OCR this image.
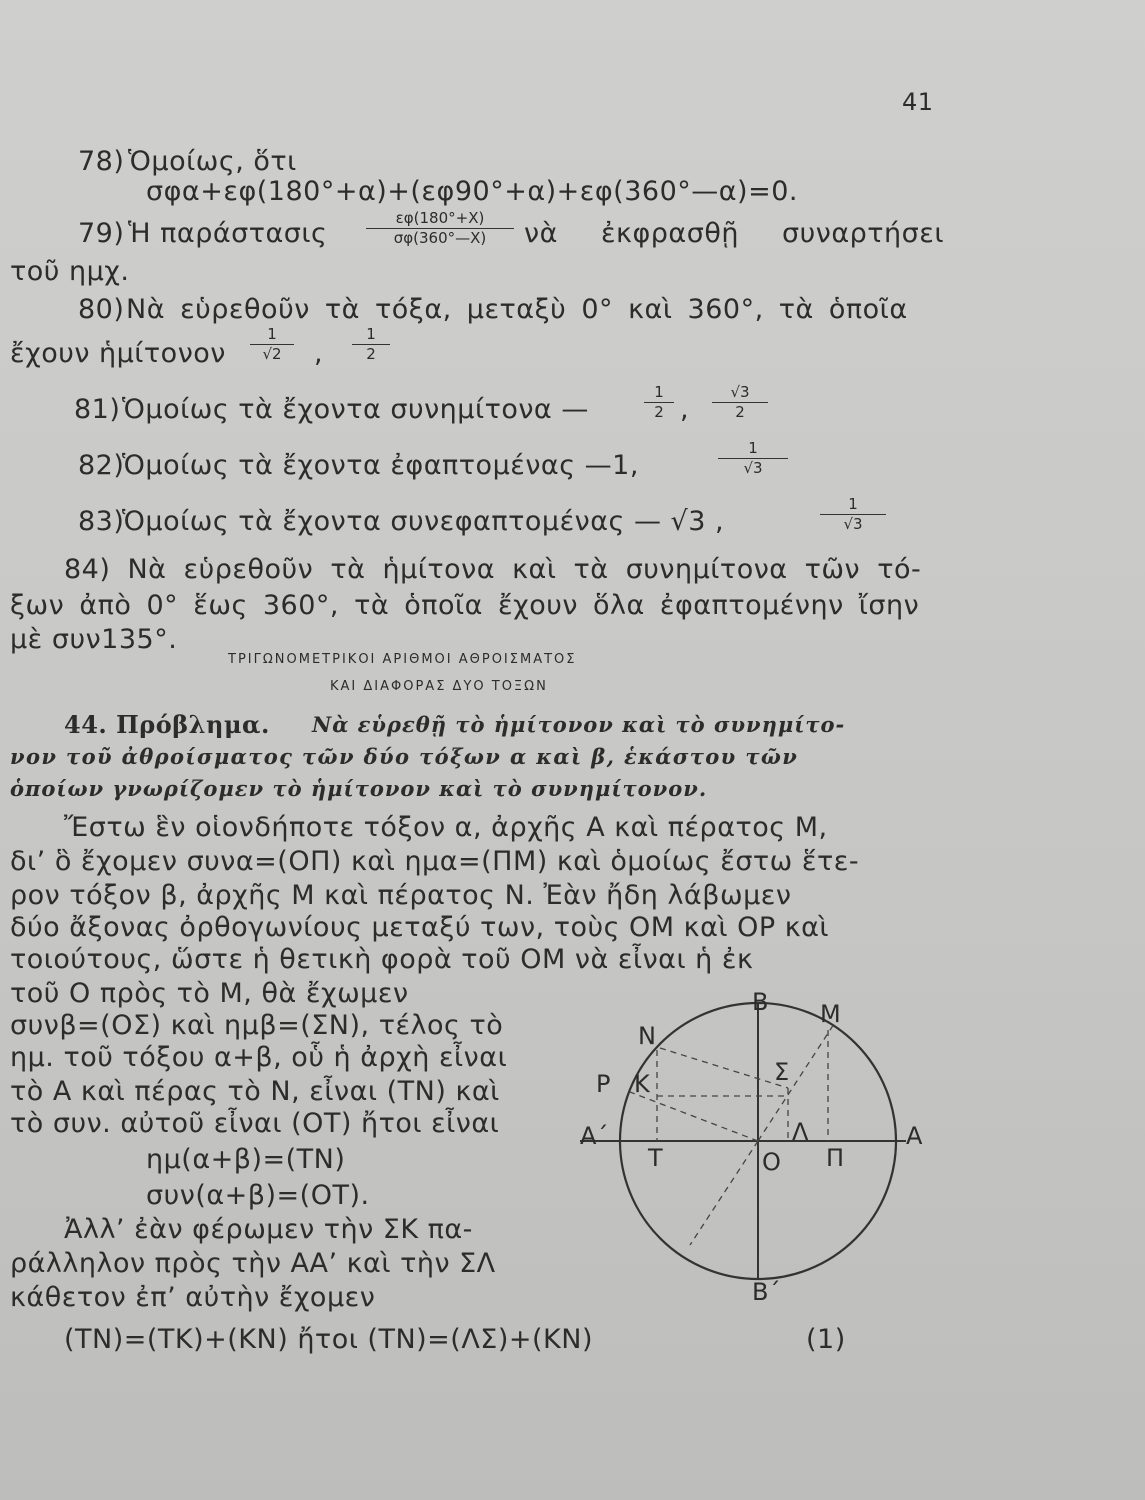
41
78) Ὁμοίως, ὅτι
σφα+εφ(180°+α)+(εφ90°+α)+εφ(360°—α)=0.
79) Ἡ παράστασις	εφ(180°+Χ)
σφ(360°—Χ)	νὰ ἐκφρασθῇ συναρτήσει
τοῦ ημχ.
80) Νὰ εὑρεθοῦν τὰ τόξα, μεταξὺ 0° καὶ 360°, τὰ ὁποῖα
ἔχουν ἡμίτονον
1
√2	,
1
2
81) Ὁμοίως τὰ ἔχοντα συνημίτονα —
1
2 ,
√3
2
82)
Ὁμοίως τὰ ἔχοντα ἐφαπτομένας —1,
1
√3
83)
Ὁμοίως τὰ ἔχοντα συνεφαπτομένας — √3 ,
1
√3
84) Νὰ εὑρεθοῦν τὰ ἡμίτονα καὶ τὰ συνημίτονα τῶν τό-
ξων ἀπὸ 0° ἕως 360°, τὰ ὁποῖα ἔχουν ὅλα ἐφαπτομένην ἴσην
μὲ συν135°.
ΤΡΙΓΩΝΟΜΕΤΡΙΚΟΙ ΑΡΙΘΜΟΙ ΑΘΡΟΙΣΜΑΤΟΣ
ΚΑΙ ΔΙΑΦΟΡΑΣ ΔΥΟ ΤΟΞΩΝ
44. Πρόβλημα. Νὰ εὑρεθῇ τὸ ἡμίτονον καὶ τὸ συνημίτο-
νον τοῦ ἀθροίσματος τῶν δύο τόξων α καὶ β, ἑκάστου τῶν
ὁποίων γνωρίζομεν τὸ ἡμίτονον καὶ τὸ συνημίτονον.
Ἔστω ἓν οἱονδήποτε τόξον α, ἀρχῆς Α καὶ πέρατος Μ,
δι’ ὃ ἔχομεν συνα=(ΟΠ) καὶ ημα=(ΠΜ) καὶ ὁμοίως ἔστω ἕτε-
ρον τόξον β, ἀρχῆς Μ καὶ πέρατος Ν. Ἐὰν ἤδη λάβωμεν
δύο ἄξονας ὀρθογωνίους μεταξύ των, τοὺς ΟΜ καὶ ΟΡ καὶ
τοιούτους, ὥστε ἡ θετικὴ φορὰ τοῦ ΟΜ νὰ εἶναι ἡ ἐκ
τοῦ Ο πρὸς τὸ Μ, θὰ ἔχωμεν
συνβ=(ΟΣ) καὶ ημβ=(ΣΝ), τέλος τὸ
ημ. τοῦ τόξου α+β, οὗ ἡ ἀρχὴ εἶναι
τὸ Α καὶ πέρας τὸ Ν, εἶναι (ΤΝ) καὶ
τὸ συν. αὐτοῦ εἶναι (ΟΤ) ἤτοι εἶναι
ημ(α+β)=(ΤΝ)
συν(α+β)=(ΟΤ).
Ἀλλ’ ἐὰν φέρωμεν τὴν ΣΚ πα-
ράλληλον πρὸς τὴν ΑΑ’ καὶ τὴν ΣΛ
κάθετον ἐπ’ αὐτὴν ἔχομεν
(ΤΝ)=(ΤΚ)+(ΚΝ) ἤτοι (ΤΝ)=(ΛΣ)+(ΚΝ)	(1)
Β Μ
Ν
Ρ Κ	Σ
Α΄	Λ	Α
Τ	Ο Π
Β΄
